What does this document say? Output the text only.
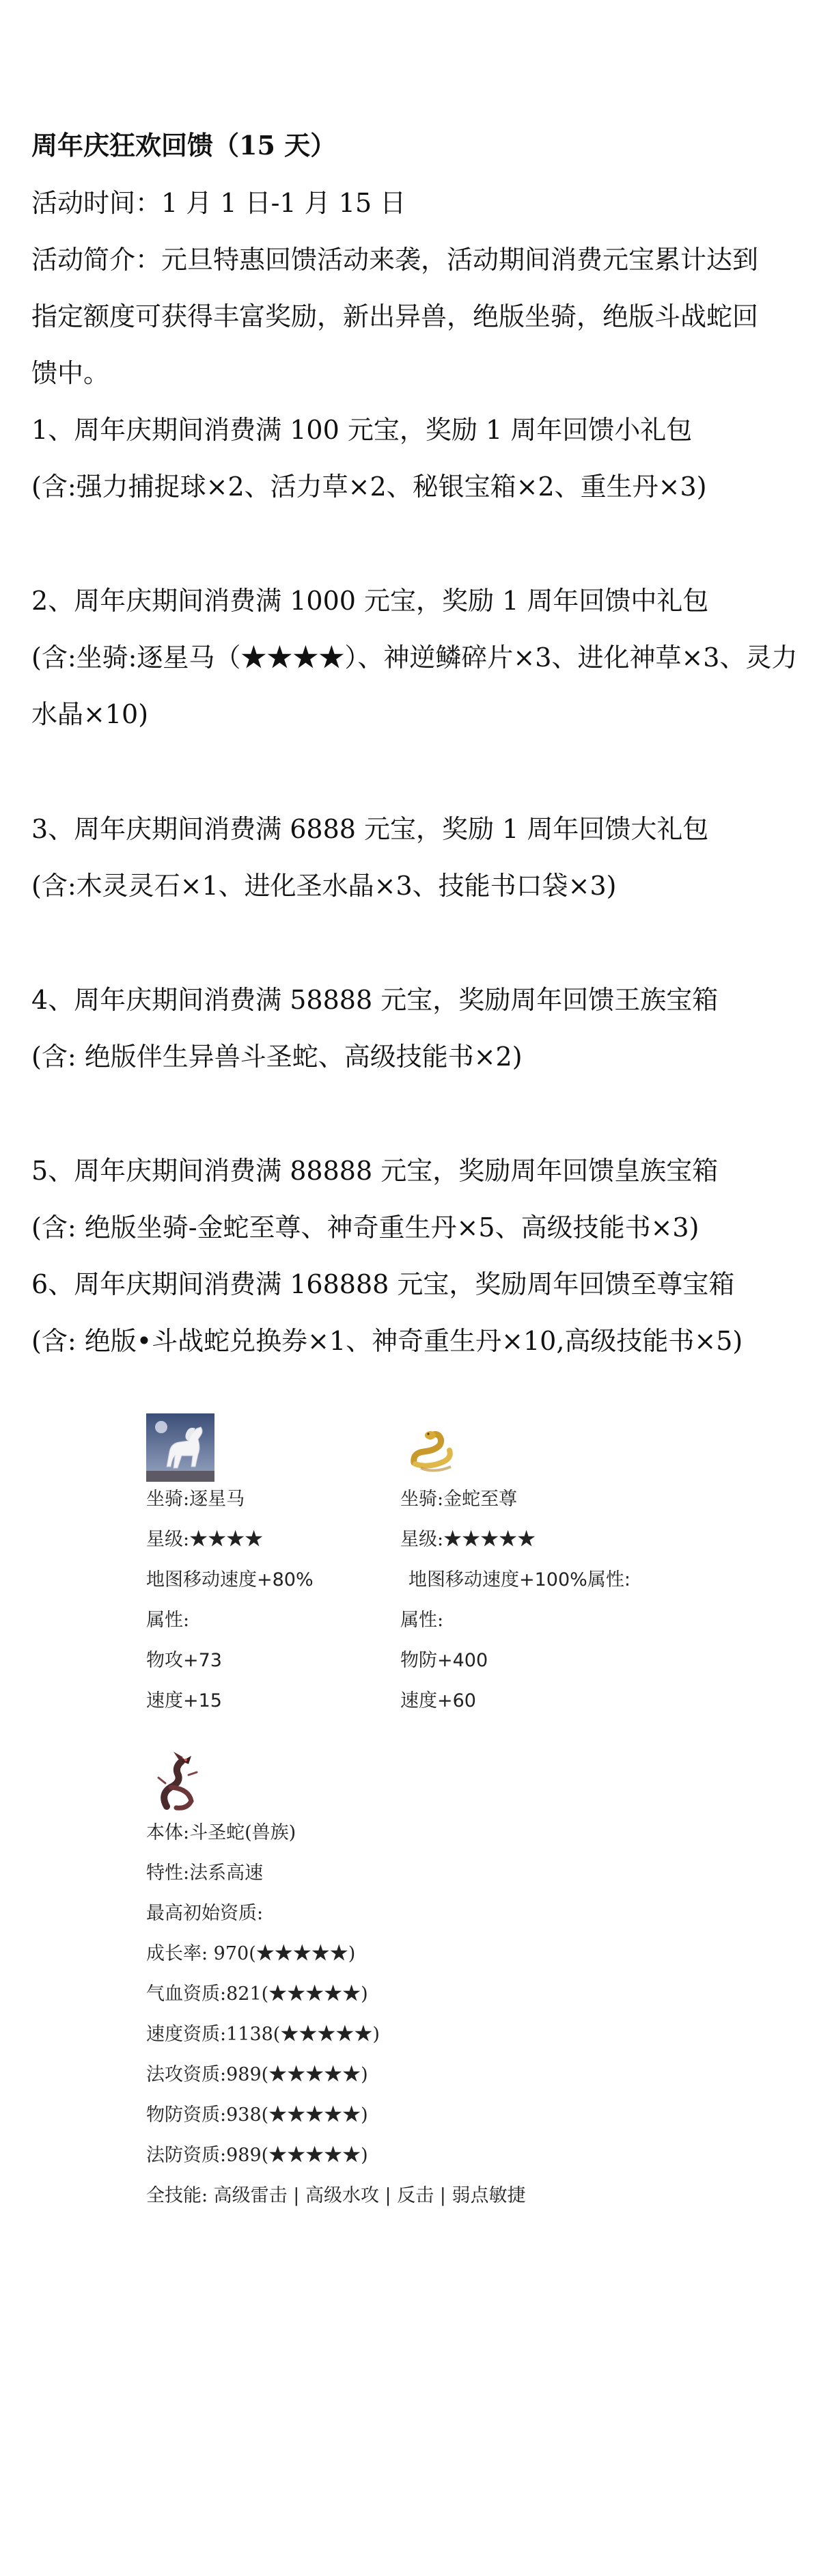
周年庆狂欢回馈（15 天）
活动时间：1 月 1 日-1 月 15 日
活动简介：元旦特惠回馈活动来袭，活动期间消费元宝累计达到
指定额度可获得丰富奖励，新出异兽，绝版坐骑，绝版斗战蛇回
馈中。
1、周年庆期间消费满 100 元宝，奖励 1 周年回馈小礼包
(含:强力捕捉球×2、活力草×2、秘银宝箱×2、重生丹×3)
2、周年庆期间消费满 1000 元宝，奖励 1 周年回馈中礼包
(含:坐骑:逐星马（★★★★）、神逆鳞碎片×3、进化神草×3、灵力
水晶×10)
3、周年庆期间消费满 6888 元宝，奖励 1 周年回馈大礼包
(含:木灵灵石×1、进化圣水晶×3、技能书口袋×3)
4、周年庆期间消费满 58888 元宝，奖励周年回馈王族宝箱
(含: 绝版伴生异兽斗圣蛇、高级技能书×2)
5、周年庆期间消费满 88888 元宝，奖励周年回馈皇族宝箱
(含: 绝版坐骑-金蛇至尊、神奇重生丹×5、高级技能书×3)
6、周年庆期间消费满 168888 元宝，奖励周年回馈至尊宝箱
(含: 绝版•斗战蛇兑换券×1、神奇重生丹×10,高级技能书×5)
坐骑:逐星马
星级:★★★★
地图移动速度+80%
属性:
物攻+73
速度+15
坐骑:金蛇至尊
星级:★★★★★
地图移动速度+100%属性:
属性:
物防+400
速度+60
本体:斗圣蛇(兽族)
特性:法系高速
最高初始资质:
成长率: 970(★★★★★)
气血资质:821(★★★★★)
速度资质:1138(★★★★★)
法攻资质:989(★★★★★)
物防资质:938(★★★★★)
法防资质:989(★★★★★)
全技能: 高级雷击 | 高级水攻 | 反击 | 弱点敏捷
